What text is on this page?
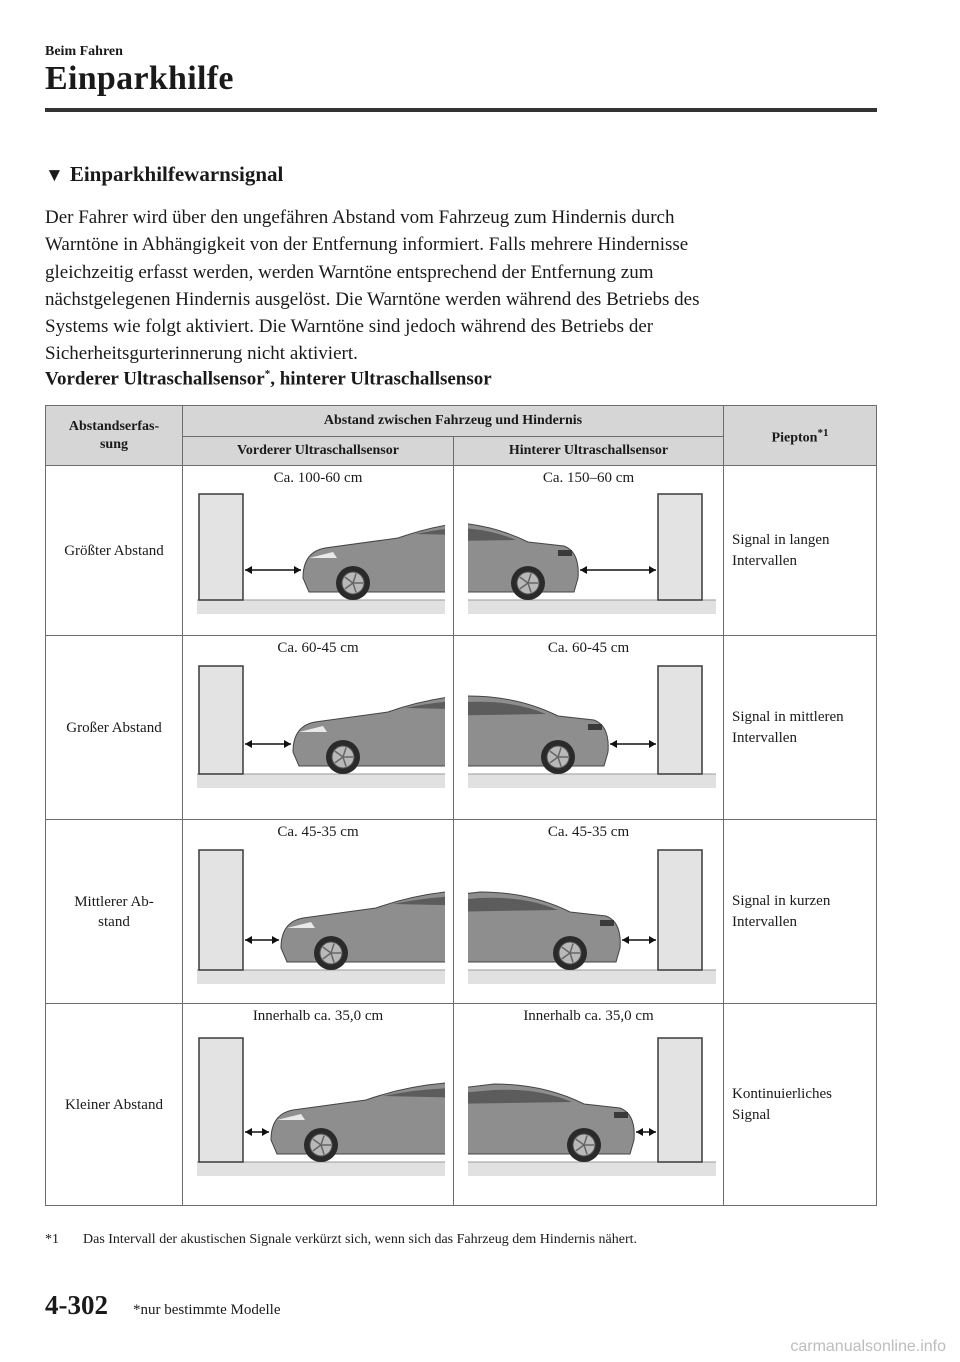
Beim Fahren
Einparkhilfe
▼ Einparkhilfewarnsignal
Der Fahrer wird über den ungefähren Abstand vom Fahrzeug zum Hindernis durch
Warntöne in Abhängigkeit von der Entfernung informiert. Falls mehrere Hindernisse
gleichzeitig erfasst werden, werden Warntöne entsprechend der Entfernung zum
nächstgelegenen Hindernis ausgelöst. Die Warntöne werden während des Betriebs des
Systems wie folgt aktiviert. Die Warntöne sind jedoch während des Betriebs der
Sicherheitsgurterinnerung nicht aktiviert.
Vorderer Ultraschallsensor*, hinterer Ultraschallsensor
Abstandserfas-
sung	Abstand zwischen Fahrzeug und Hindernis		Piepton$^{*1}$
	Vorderer Ultraschallsensor	Hinterer Ultraschallsensor	
Größter Abstand	Ca. 100-60 cm	Ca. 150–60 cm	Signal in langen
Intervallen
Großer Abstand	Ca. 60-45 cm	Ca. 60-45 cm	Signal in mittleren
Intervallen
Mittlerer Ab-
stand	Ca. 45-35 cm	Ca. 45-35 cm	Signal in kurzen
Intervallen
Kleiner Abstand	Innerhalb ca. 35,0 cm	Innerhalb ca. 35,0 cm	Kontinuierliches
Signal
*1 Das Intervall der akustischen Signale verkürzt sich, wenn sich das Fahrzeug dem Hindernis nähert.
4-302 *nur bestimmte Modelle
carmanualsonline.info
